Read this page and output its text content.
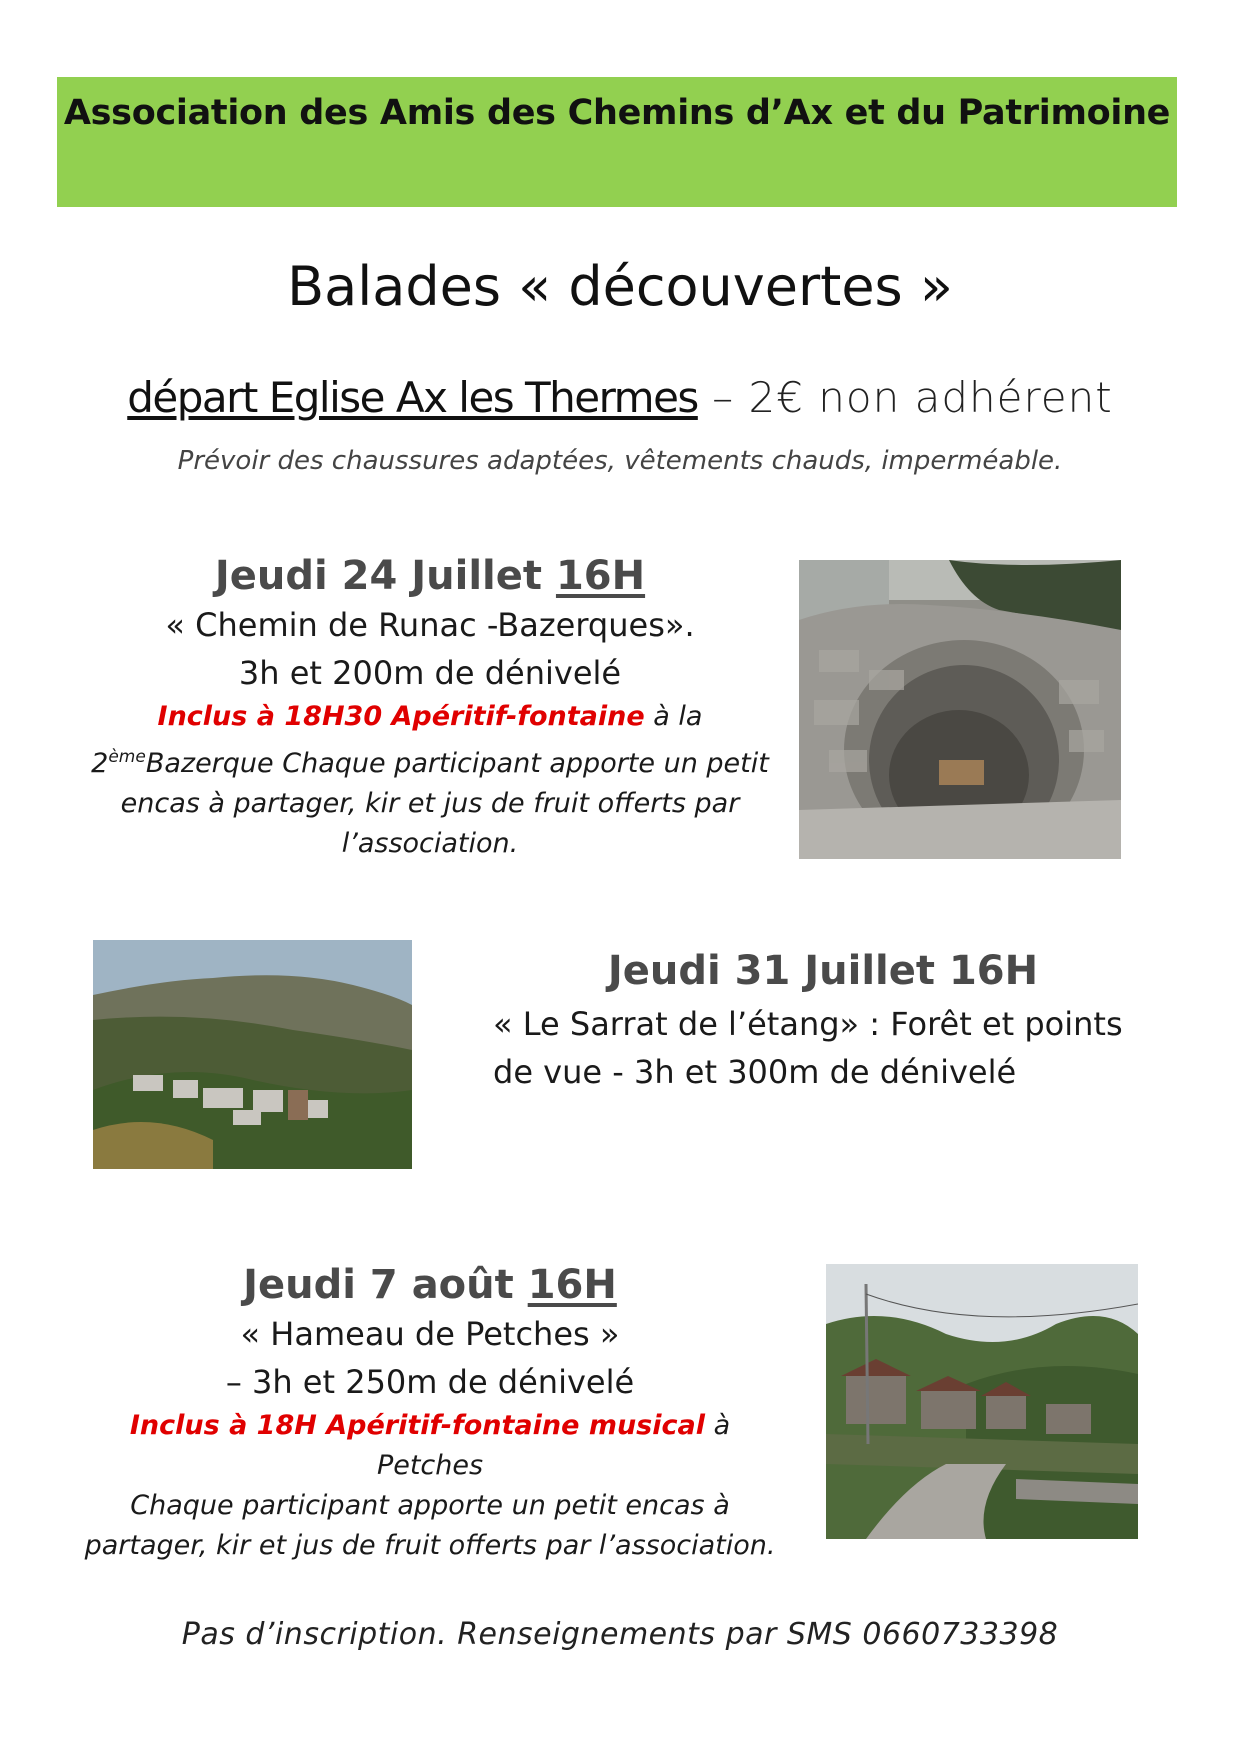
Association des Amis des Chemins d’Ax et du Patrimoine
Balades « découvertes »
départ Eglise Ax les Thermes – 2€ non adhérent
Prévoir des chaussures adaptées, vêtements chauds, imperméable.
Jeudi 24 Juillet 16H
« Chemin de Runac -Bazerques».
3h et 200m de dénivelé
Inclus à 18H30 Apéritif-fontaine à la
2èmeBazerque Chaque participant apporte un petit
encas à partager, kir et jus de fruit offerts par
l’association.
Jeudi 31 Juillet 16H
« Le Sarrat de l’étang» : Forêt et points
de vue - 3h et 300m de dénivelé
Jeudi 7 août 16H
« Hameau de Petches »
– 3h et 250m de dénivelé
Inclus à 18H Apéritif-fontaine musical à Petches
Chaque participant apporte un petit encas à
partager, kir et jus de fruit offerts par l’association.
Pas d’inscription. Renseignements par SMS 0660733398
